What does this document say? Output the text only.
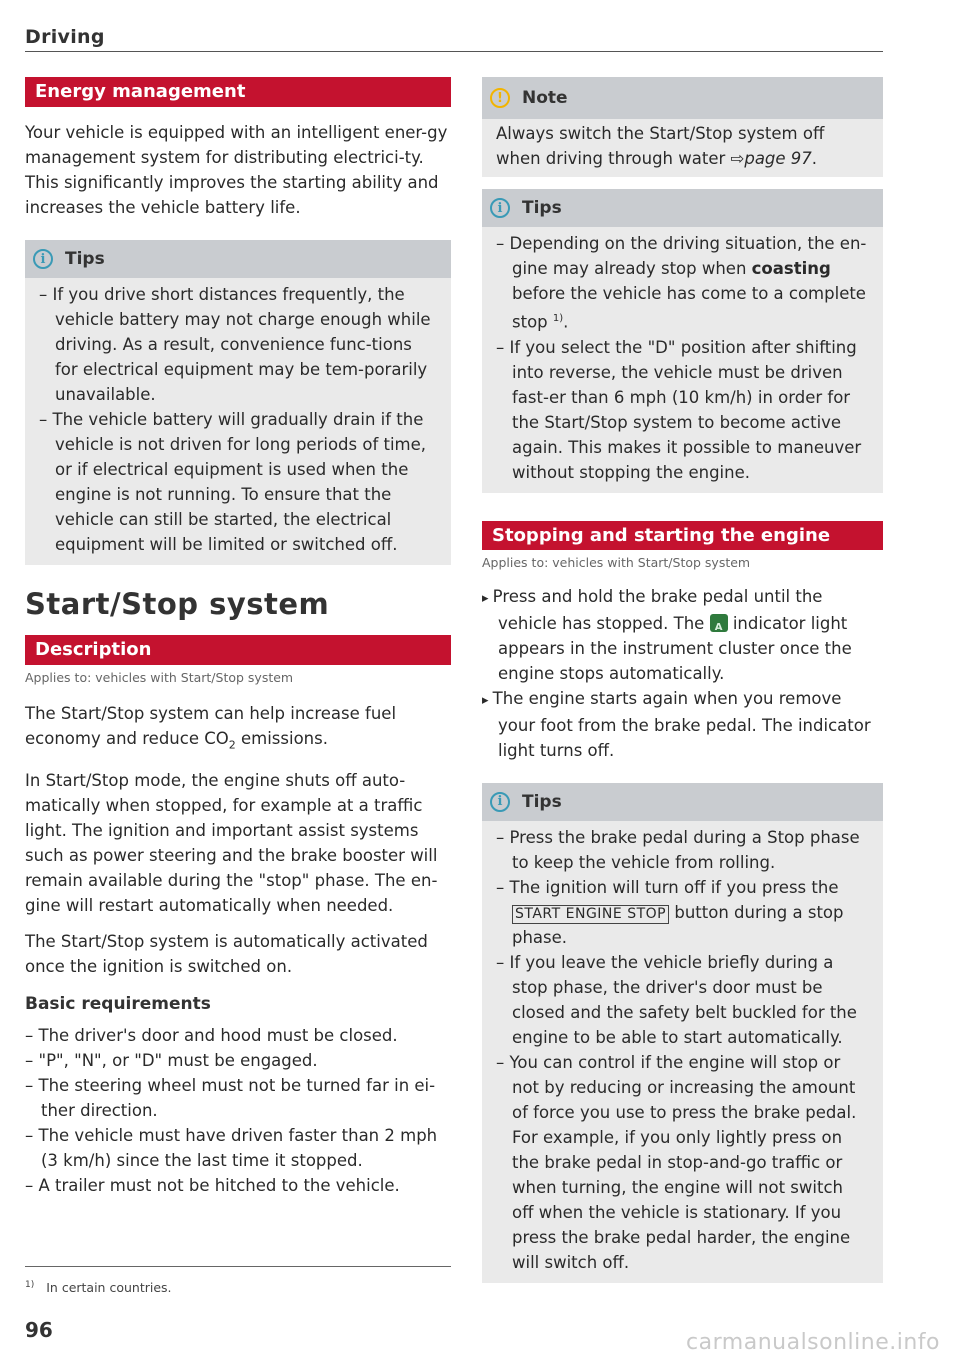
Driving
Energy management

Your vehicle is equipped with an intelligent ener-gy management system for distributing electrici-ty. This significantly improves the starting ability and increases the vehicle battery life.

i	Tips
– If you drive short distances frequently, the vehicle battery may not charge enough while driving. As a result, convenience func-tions for electrical equipment may be tem-porarily unavailable.
– The vehicle battery will gradually drain if the vehicle is not driven for long periods of time, or if electrical equipment is used when the engine is not running. To ensure that the vehicle can still be started, the electrical equipment will be limited or switched off.
Start/Stop system
Description
Applies to: vehicles with Start/Stop system

The Start/Stop system can help increase fuel economy and reduce $CO_2$ emissions.

In Start/Stop mode, the engine shuts off auto-matically when stopped, for example at a traffic light. The ignition and important assist systems such as power steering and the brake booster will remain available during the "stop" phase. The en-gine will restart automatically when needed.

The Start/Stop system is automatically activated once the ignition is switched on.

Basic requirements
– The driver's door and hood must be closed.
– "P", "N", or "D" must be engaged.
– The steering wheel must not be turned far in ei-ther direction.
– The vehicle must have driven faster than 2 mph (3 km/h) since the last time it stopped.
– A trailer must not be hitched to the vehicle.
$^{1)}$ In certain countries.
96
!	Note

Always switch the Start/Stop system off when driving through water ⇨page 97.

i	Tips
– Depending on the driving situation, the en-gine may already stop when coasting before the vehicle has come to a complete stop $^{1)}$.
– If you select the "D" position after shifting into reverse, the vehicle must be driven fast-er than 6 mph (10 km/h) in order for the Start/Stop system to become active again. This makes it possible to maneuver without stopping the engine.
Stopping and starting the engine
Applies to: vehicles with Start/Stop system
▸ Press and hold the brake pedal until the vehicle has stopped. The A indicator light appears in the instrument cluster once the engine stops automatically.
▸ The engine starts again when you remove your foot from the brake pedal. The indicator light turns off.
i	Tips
– Press the brake pedal during a Stop phase to keep the vehicle from rolling.
– The ignition will turn off if you press the START ENGINE STOP button during a stop phase.
– If you leave the vehicle briefly during a stop phase, the driver's door must be closed and the safety belt buckled for the engine to be able to start automatically.
– You can control if the engine will stop or not by reducing or increasing the amount of force you use to press the brake pedal. For example, if you only lightly press on the brake pedal in stop-and-go traffic or when turning, the engine will not switch off when the vehicle is stationary. If you press the brake pedal harder, the engine will switch off.
carmanualsonline.info
